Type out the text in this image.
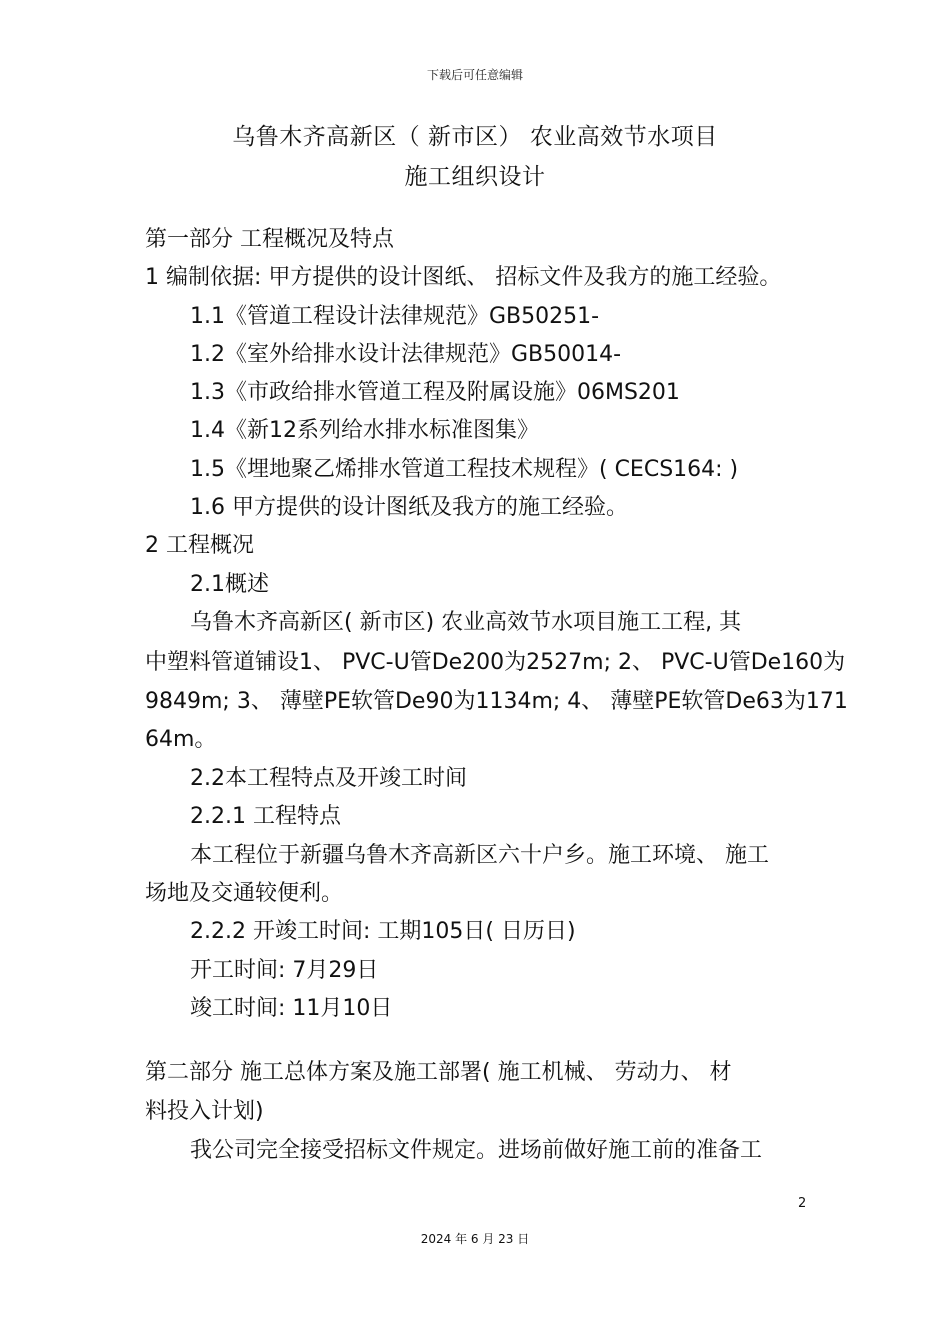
下载后可任意编辑
乌鲁木齐高新区（ 新市区） 农业高效节水项目
施工组织设计
第一部分 工程概况及特点
1 编制依据: 甲方提供的设计图纸、 招标文件及我方的施工经验。
1.1《管道工程设计法律规范》GB50251-
1.2《室外给排水设计法律规范》GB50014-
1.3《市政给排水管道工程及附属设施》06MS201
1.4《新12系列给水排水标准图集》
1.5《埋地聚乙烯排水管道工程技术规程》( CECS164: )
1.6 甲方提供的设计图纸及我方的施工经验。
2 工程概况
2.1概述
乌鲁木齐高新区( 新市区) 农业高效节水项目施工工程, 其
中塑料管道铺设1、 PVC-U管De200为2527m; 2、 PVC-U管De160为
9849m; 3、 薄壁PE软管De90为1134m; 4、 薄壁PE软管De63为171
64m。
2.2本工程特点及开竣工时间
2.2.1 工程特点
本工程位于新疆乌鲁木齐高新区六十户乡。施工环境、 施工
场地及交通较便利。
2.2.2 开竣工时间: 工期105日( 日历日)
开工时间: 7月29日
竣工时间: 11月10日
第二部分 施工总体方案及施工部署( 施工机械、 劳动力、 材
料投入计划)
我公司完全接受招标文件规定。进场前做好施工前的准备工
2
2024 年 6 月 23 日
